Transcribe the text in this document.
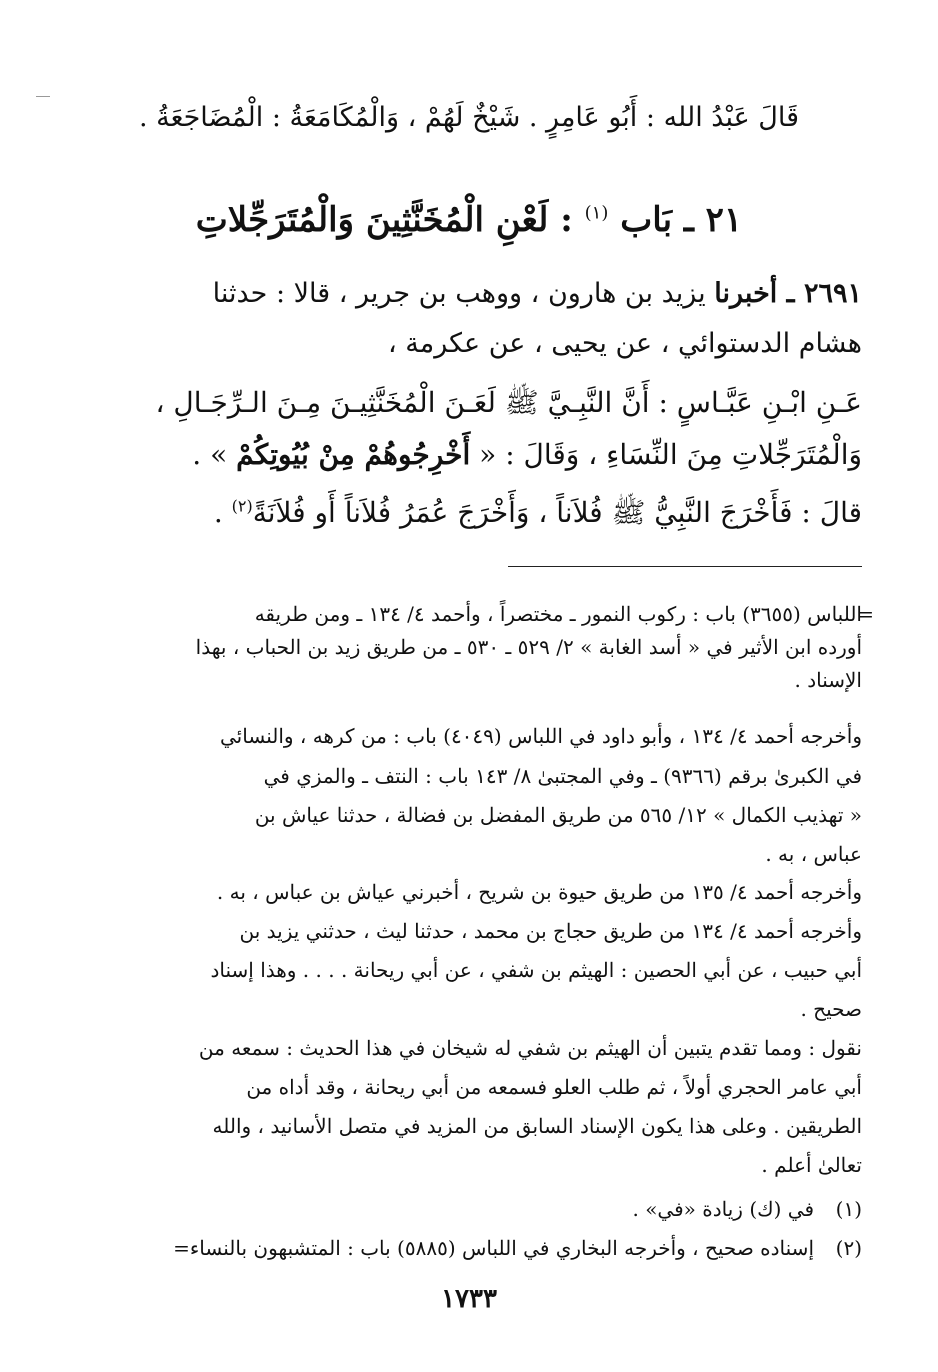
قَالَ عَبْدُ الله : أَبُو عَامِرٍ . شَيْخٌ لَهُمْ ، وَالْمُكَامَعَةُ : الْمُضَاجَعَةُ .
٢١ ـ بَاب $^{(١)}$ : لَعْنِ الْمُخَنَّثِينَ وَالْمُتَرَجِّلاتِ
٢٦٩١ ـ أخبرنا يزيد بن هارون ، ووهب بن جرير ، قالا : حدثنا
هشام الدستوائي ، عن يحيى ، عن عكرمة ،
عَـنِ ابْـنِ عَبَّـاسٍ : أَنَّ النَّبِـيَّ ﷺ لَعَـنَ الْمُخَنَّثِيـنَ مِـنَ الـرِّجَـالِ ،
وَالْمُتَرَجِّلاتِ مِنَ النِّسَاءِ ، وَقَالَ : « أَخْرِجُوهُمْ مِنْ بُيُوتِكُمْ » .
قالَ : فَأَخْرَجَ النَّبِيُّ ﷺ فُلاَناً ، وَأَخْرَجَ عُمَرُ فُلاَناً أَو فُلاَنَةً$^{(٢)}$ .
=
اللباس (٣٦٥٥) باب : ركوب النمور ـ مختصراً ، وأحمد ٤/ ١٣٤ ـ ومن طريقه
أورده ابن الأثير في « أسد الغابة » ٢/ ٥٢٩ ـ ٥٣٠ ـ من طريق زيد بن الحباب ، بهذا
الإسناد .
وأخرجه أحمد ٤/ ١٣٤ ، وأبو داود في اللباس (٤٠٤٩) باب : من كرهه ، والنسائي
في الكبرىٰ برقم (٩٣٦٦) ـ وفي المجتبىٰ ٨/ ١٤٣ باب : النتف ـ والمزي في
« تهذيب الكمال » ١٢/ ٥٦٥ من طريق المفضل بن فضالة ، حدثنا عياش بن
عباس ، به .
وأخرجه أحمد ٤/ ١٣٥ من طريق حيوة بن شريح ، أخبرني عياش بن عباس ، به .
وأخرجه أحمد ٤/ ١٣٤ من طريق حجاج بن محمد ، حدثنا ليث ، حدثني يزيد بن
أبي حبيب ، عن أبي الحصين : الهيثم بن شفي ، عن أبي ريحانة . . . . وهذا إسناد
صحيح .
نقول : ومما تقدم يتبين أن الهيثم بن شفي له شيخان في هذا الحديث : سمعه من
أبي عامر الحجري أولاً ، ثم طلب العلو فسمعه من أبي ريحانة ، وقد أداه من
الطريقين . وعلى هذا يكون الإسناد السابق من المزيد في متصل الأسانيد ، والله
تعالىٰ أعلم .
(١)في (ك) زيادة «في» .
(٢)إسناده صحيح ، وأخرجه البخاري في اللباس (٥٨٨٥) باب : المتشبهون بالنساء=
١٧٣٣
